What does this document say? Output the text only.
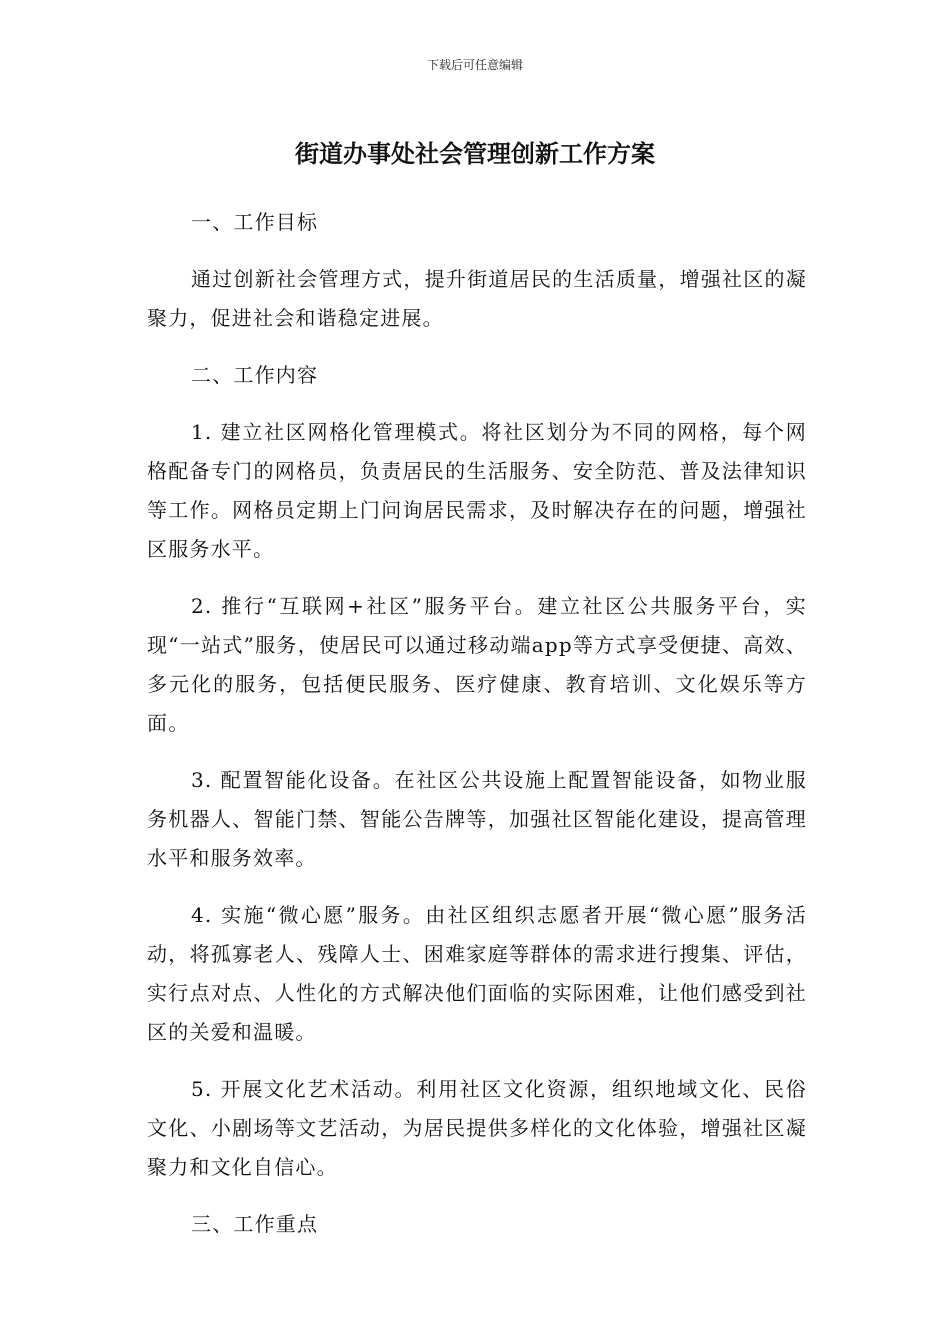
下载后可任意编辑
街道办事处社会管理创新工作方案

一、工作目标

通过创新社会管理方式，提升街道居民的生活质量，增强社区的凝聚力，促进社会和谐稳定进展。

二、工作内容

1. 建立社区网格化管理模式。将社区划分为不同的网格，每个网格配备专门的网格员，负责居民的生活服务、安全防范、普及法律知识等工作。网格员定期上门问询居民需求，及时解决存在的问题，增强社区服务水平。

2. 推行“互联网+社区”服务平台。建立社区公共服务平台，实现“一站式”服务，使居民可以通过移动端app等方式享受便捷、高效、多元化的服务，包括便民服务、医疗健康、教育培训、文化娱乐等方面。

3. 配置智能化设备。在社区公共设施上配置智能设备，如物业服务机器人、智能门禁、智能公告牌等，加强社区智能化建设，提高管理水平和服务效率。

4. 实施“微心愿”服务。由社区组织志愿者开展“微心愿”服务活动，将孤寡老人、残障人士、困难家庭等群体的需求进行搜集、评估，实行点对点、人性化的方式解决他们面临的实际困难，让他们感受到社区的关爱和温暖。

5. 开展文化艺术活动。利用社区文化资源，组织地域文化、民俗文化、小剧场等文艺活动，为居民提供多样化的文化体验，增强社区凝聚力和文化自信心。

三、工作重点
